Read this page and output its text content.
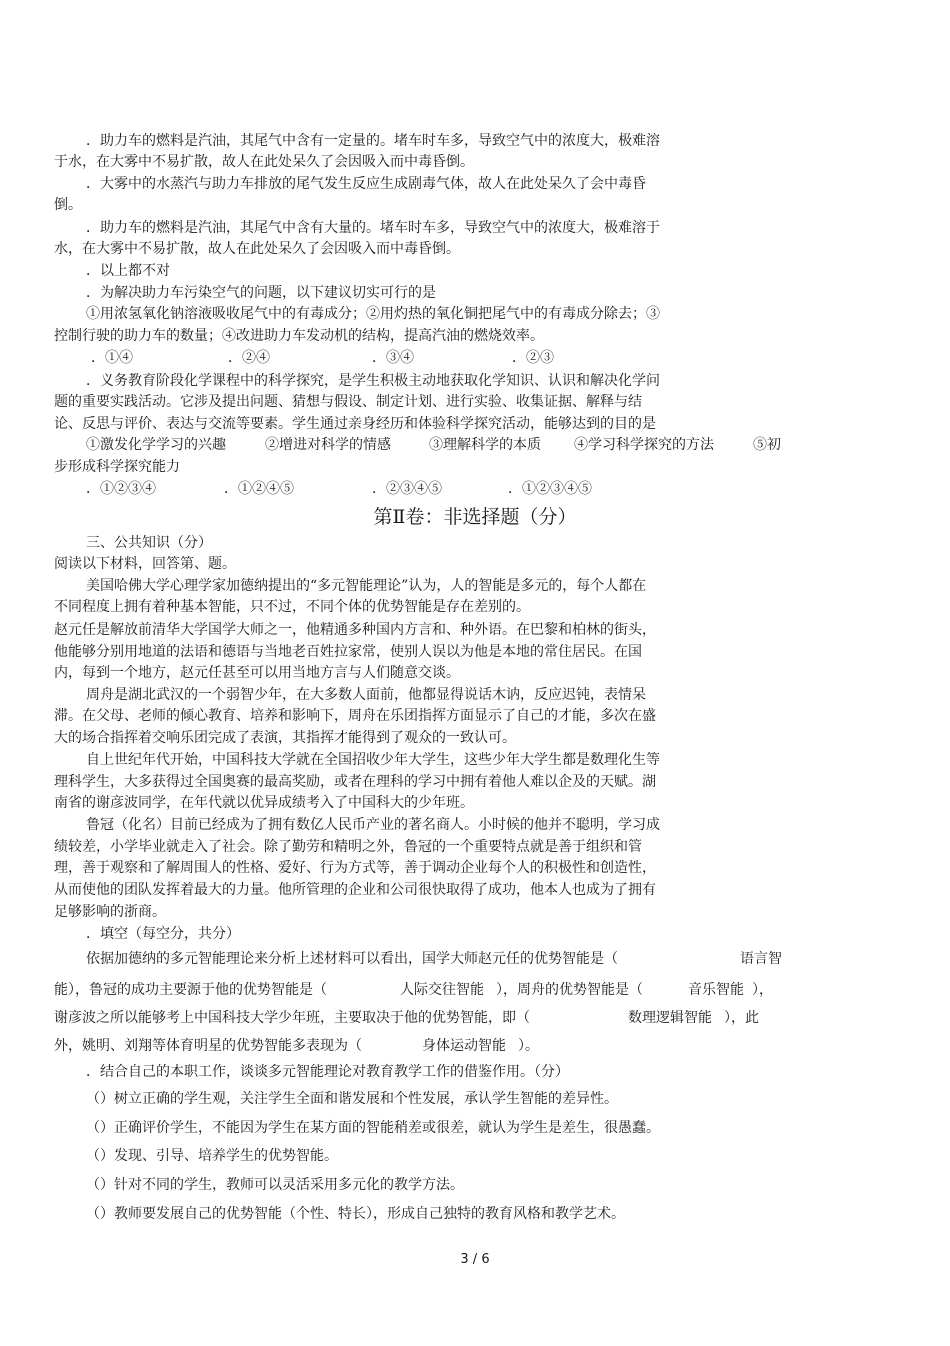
．助力车的燃料是汽油，其尾气中含有一定量的。堵车时车多，导致空气中的浓度大，极难溶
于水，在大雾中不易扩散，故人在此处呆久了会因吸入而中毒昏倒。
．大雾中的水蒸汽与助力车排放的尾气发生反应生成剧毒气体，故人在此处呆久了会中毒昏
倒。
．助力车的燃料是汽油，其尾气中含有大量的。堵车时车多，导致空气中的浓度大，极难溶于
水，在大雾中不易扩散，故人在此处呆久了会因吸入而中毒昏倒。
．以上都不对
．为解决助力车污染空气的问题，以下建议切实可行的是
①用浓氢氧化钠溶液吸收尾气中的有毒成分；②用灼热的氧化铜把尾气中的有毒成分除去；③
控制行驶的助力车的数量；④改进助力车发动机的结构，提高汽油的燃烧效率。
．①④	．②④	．③④	．②③
．义务教育阶段化学课程中的科学探究，是学生积极主动地获取化学知识、认识和解决化学问
题的重要实践活动。它涉及提出问题、猜想与假设、制定计划、进行实验、收集证据、解释与结
论、反思与评价、表达与交流等要素。学生通过亲身经历和体验科学探究活动，能够达到的目的是
①激发化学学习的兴趣	②增进对科学的情感	③理解科学的本质 ④学习科学探究的方法	⑤初
步形成科学探究能力
．①②③④	．①②④⑤	．②③④⑤	．①②③④⑤
第Ⅱ卷：非选择题（分）
三、公共知识（分）
阅读以下材料，回答第、题。
美国哈佛大学心理学家加德纳提出的“多元智能理论”认为，人的智能是多元的，每个人都在
不同程度上拥有着种基本智能，只不过，不同个体的优势智能是存在差别的。
赵元任是解放前清华大学国学大师之一，他精通多种国内方言和、种外语。在巴黎和柏林的街头，
他能够分别用地道的法语和德语与当地老百姓拉家常，使别人误以为他是本地的常住居民。在国
内，每到一个地方，赵元任甚至可以用当地方言与人们随意交谈。
周舟是湖北武汉的一个弱智少年，在大多数人面前，他都显得说话木讷，反应迟钝，表情呆
滞。在父母、老师的倾心教育、培养和影响下，周舟在乐团指挥方面显示了自己的才能，多次在盛
大的场合指挥着交响乐团完成了表演，其指挥才能得到了观众的一致认可。
自上世纪年代开始，中国科技大学就在全国招收少年大学生，这些少年大学生都是数理化生等
理科学生，大多获得过全国奥赛的最高奖励，或者在理科的学习中拥有着他人难以企及的天赋。湖
南省的谢彦波同学，在年代就以优异成绩考入了中国科大的少年班。
鲁冠（化名）目前已经成为了拥有数亿人民币产业的著名商人。小时候的他并不聪明，学习成
绩较差，小学毕业就走入了社会。除了勤劳和精明之外，鲁冠的一个重要特点就是善于组织和管
理，善于观察和了解周围人的性格、爱好、行为方式等，善于调动企业每个人的积极性和创造性，
从而使他的团队发挥着最大的力量。他所管理的企业和公司很快取得了成功，他本人也成为了拥有
足够影响的浙商。
．填空（每空分，共分）
依据加德纳的多元智能理论来分析上述材料可以看出，国学大师赵元任的优势智能是（	语言智
能），鲁冠的成功主要源于他的优势智能是（	人际交往智能 ），周舟的优势智能是（	音乐智能 ），
谢彦波之所以能够考上中国科技大学少年班，主要取决于他的优势智能，即（	数理逻辑智能 ），此
外，姚明、刘翔等体育明星的优势智能多表现为（	身体运动智能 ）。
．结合自己的本职工作，谈谈多元智能理论对教育教学工作的借鉴作用。（分）
（）树立正确的学生观，关注学生全面和谐发展和个性发展，承认学生智能的差异性。
（）正确评价学生，不能因为学生在某方面的智能稍差或很差，就认为学生是差生，很愚蠢。
（）发现、引导、培养学生的优势智能。
（）针对不同的学生，教师可以灵活采用多元化的教学方法。
（）教师要发展自己的优势智能（个性、特长），形成自己独特的教育风格和教学艺术。
3 / 6
